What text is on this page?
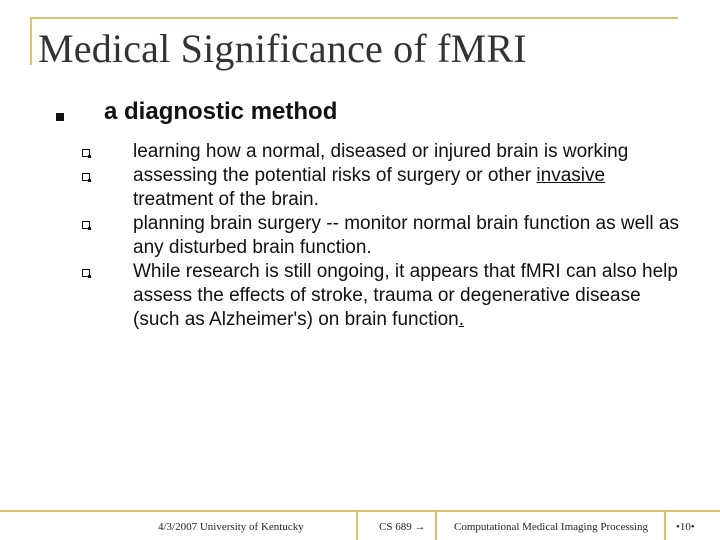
Medical Significance of fMRI
a diagnostic method
learning how a normal, diseased or injured brain is working
assessing the potential risks of surgery or other invasive treatment of the brain.
planning brain surgery -- monitor normal brain function as well as any disturbed brain function.
While research is still ongoing, it appears that fMRI can also help assess the effects of stroke, trauma or degenerative disease (such as Alzheimer's) on brain function.
4/3/2007 University of Kentucky	CS 689 →	Computational Medical Imaging Processing	•10•
